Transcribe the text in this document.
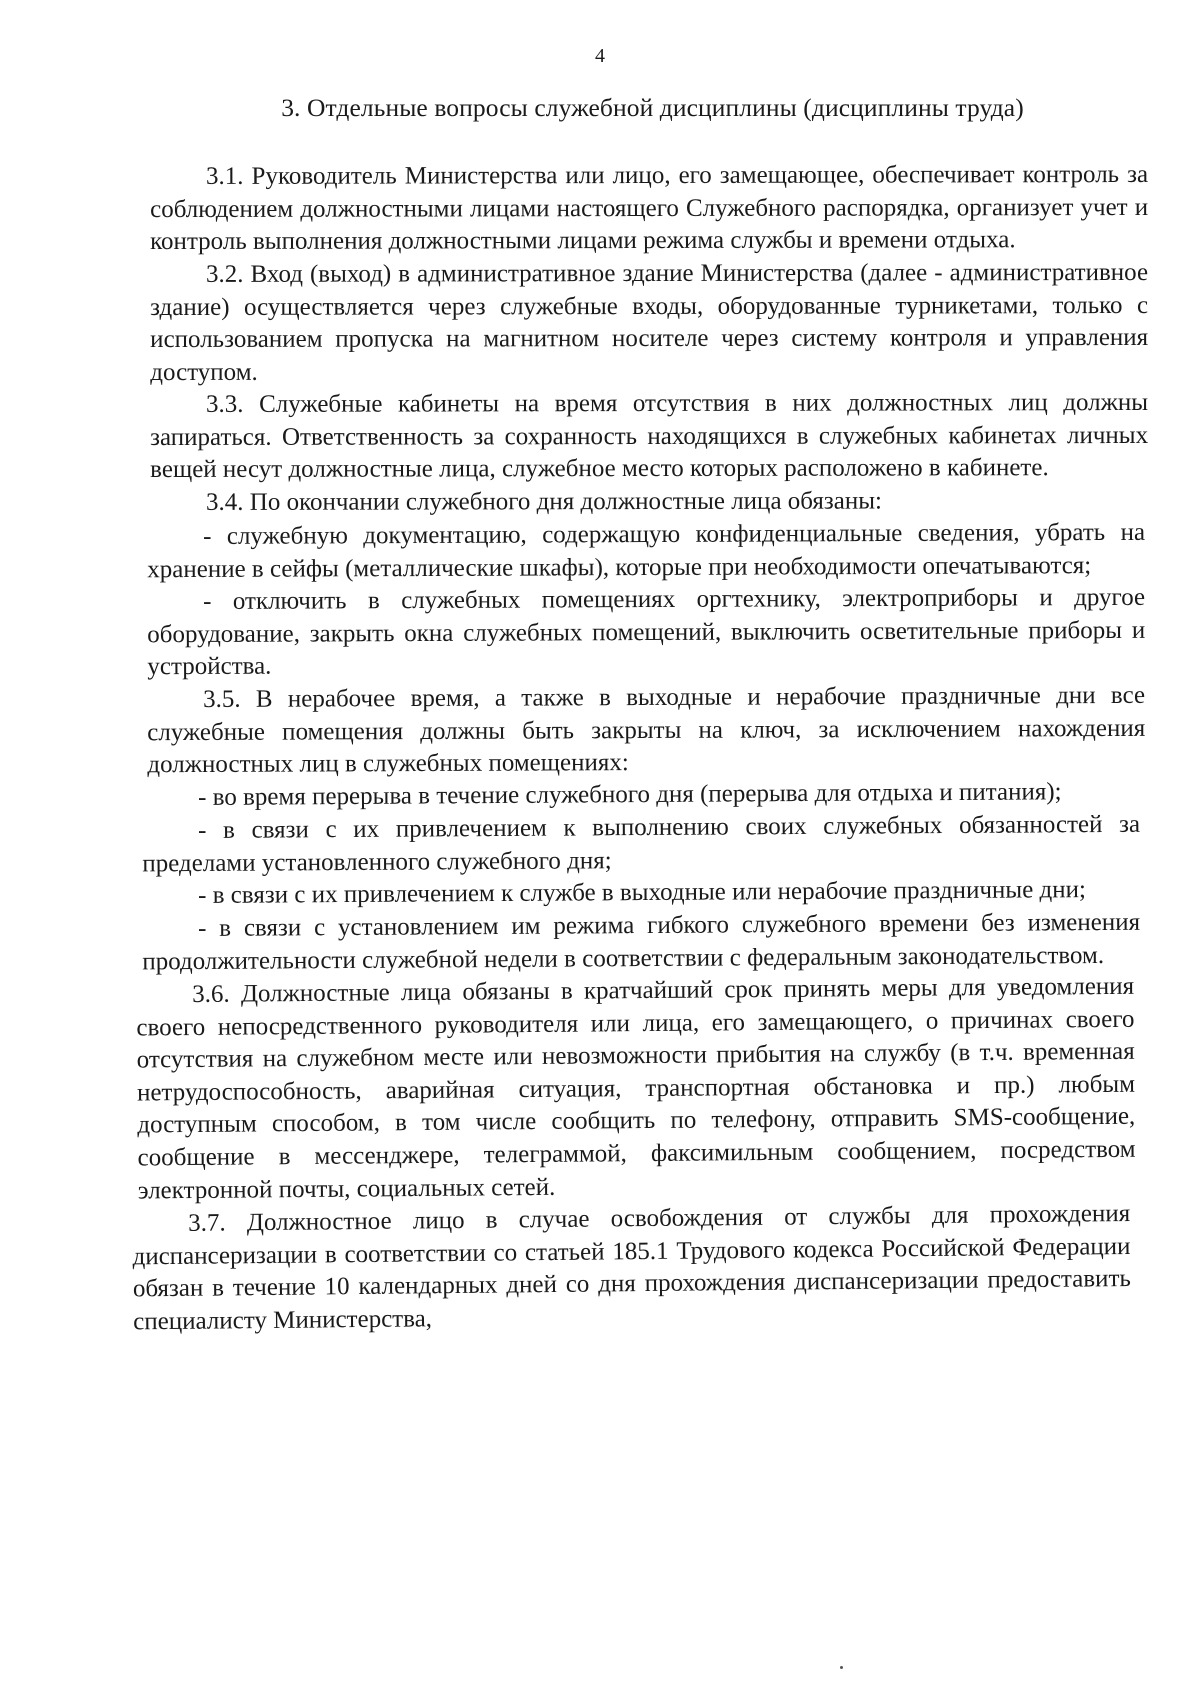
4
3. Отдельные вопросы служебной дисциплины (дисциплины труда)

3.1. Руководитель Министерства или лицо, его замещающее, обеспечивает контроль за соблюдением должностными лицами настоящего Служебного распорядка, организует учет и контроль выполнения должностными лицами режима службы и времени отдыха.

3.2. Вход (выход) в административное здание Министерства (далее - административное здание) осуществляется через служебные входы, оборудованные турникетами, только с использованием пропуска на магнитном носителе через систему контроля и управления доступом.

3.3. Служебные кабинеты на время отсутствия в них должностных лиц должны запираться. Ответственность за сохранность находящихся в служебных кабинетах личных вещей несут должностные лица, служебное место которых расположено в кабинете.

3.4. По окончании служебного дня должностные лица обязаны:

- служебную документацию, содержащую конфиденциальные сведения, убрать на хранение в сейфы (металлические шкафы), которые при необходимости опечатываются;

- отключить в служебных помещениях оргтехнику, электроприборы и другое оборудование, закрыть окна служебных помещений, выключить осветительные приборы и устройства.

3.5. В нерабочее время, а также в выходные и нерабочие праздничные дни все служебные помещения должны быть закрыты на ключ, за исключением нахождения должностных лиц в служебных помещениях:

- во время перерыва в течение служебного дня (перерыва для отдыха и питания);

- в связи с их привлечением к выполнению своих служебных обязанностей за пределами установленного служебного дня;

- в связи с их привлечением к службе в выходные или нерабочие праздничные дни;

- в связи с установлением им режима гибкого служебного времени без изменения продолжительности служебной недели в соответствии с федеральным законодательством.

3.6. Должностные лица обязаны в кратчайший срок принять меры для уведомления своего непосредственного руководителя или лица, его замещающего, о причинах своего отсутствия на служебном месте или невозможности прибытия на службу (в т.ч. временная нетрудоспособность, аварийная ситуация, транспортная обстановка и пр.) любым доступным способом, в том числе сообщить по телефону, отправить SMS-сообщение, сообщение в мессенджере, телеграммой, факсимильным сообщением, посредством электронной почты, социальных сетей.

3.7. Должностное лицо в случае освобождения от службы для прохождения диспансеризации в соответствии со статьей 185.1 Трудового кодекса Российской Федерации обязан в течение 10 календарных дней со дня прохождения диспансеризации предоставить специалисту Министерства,
